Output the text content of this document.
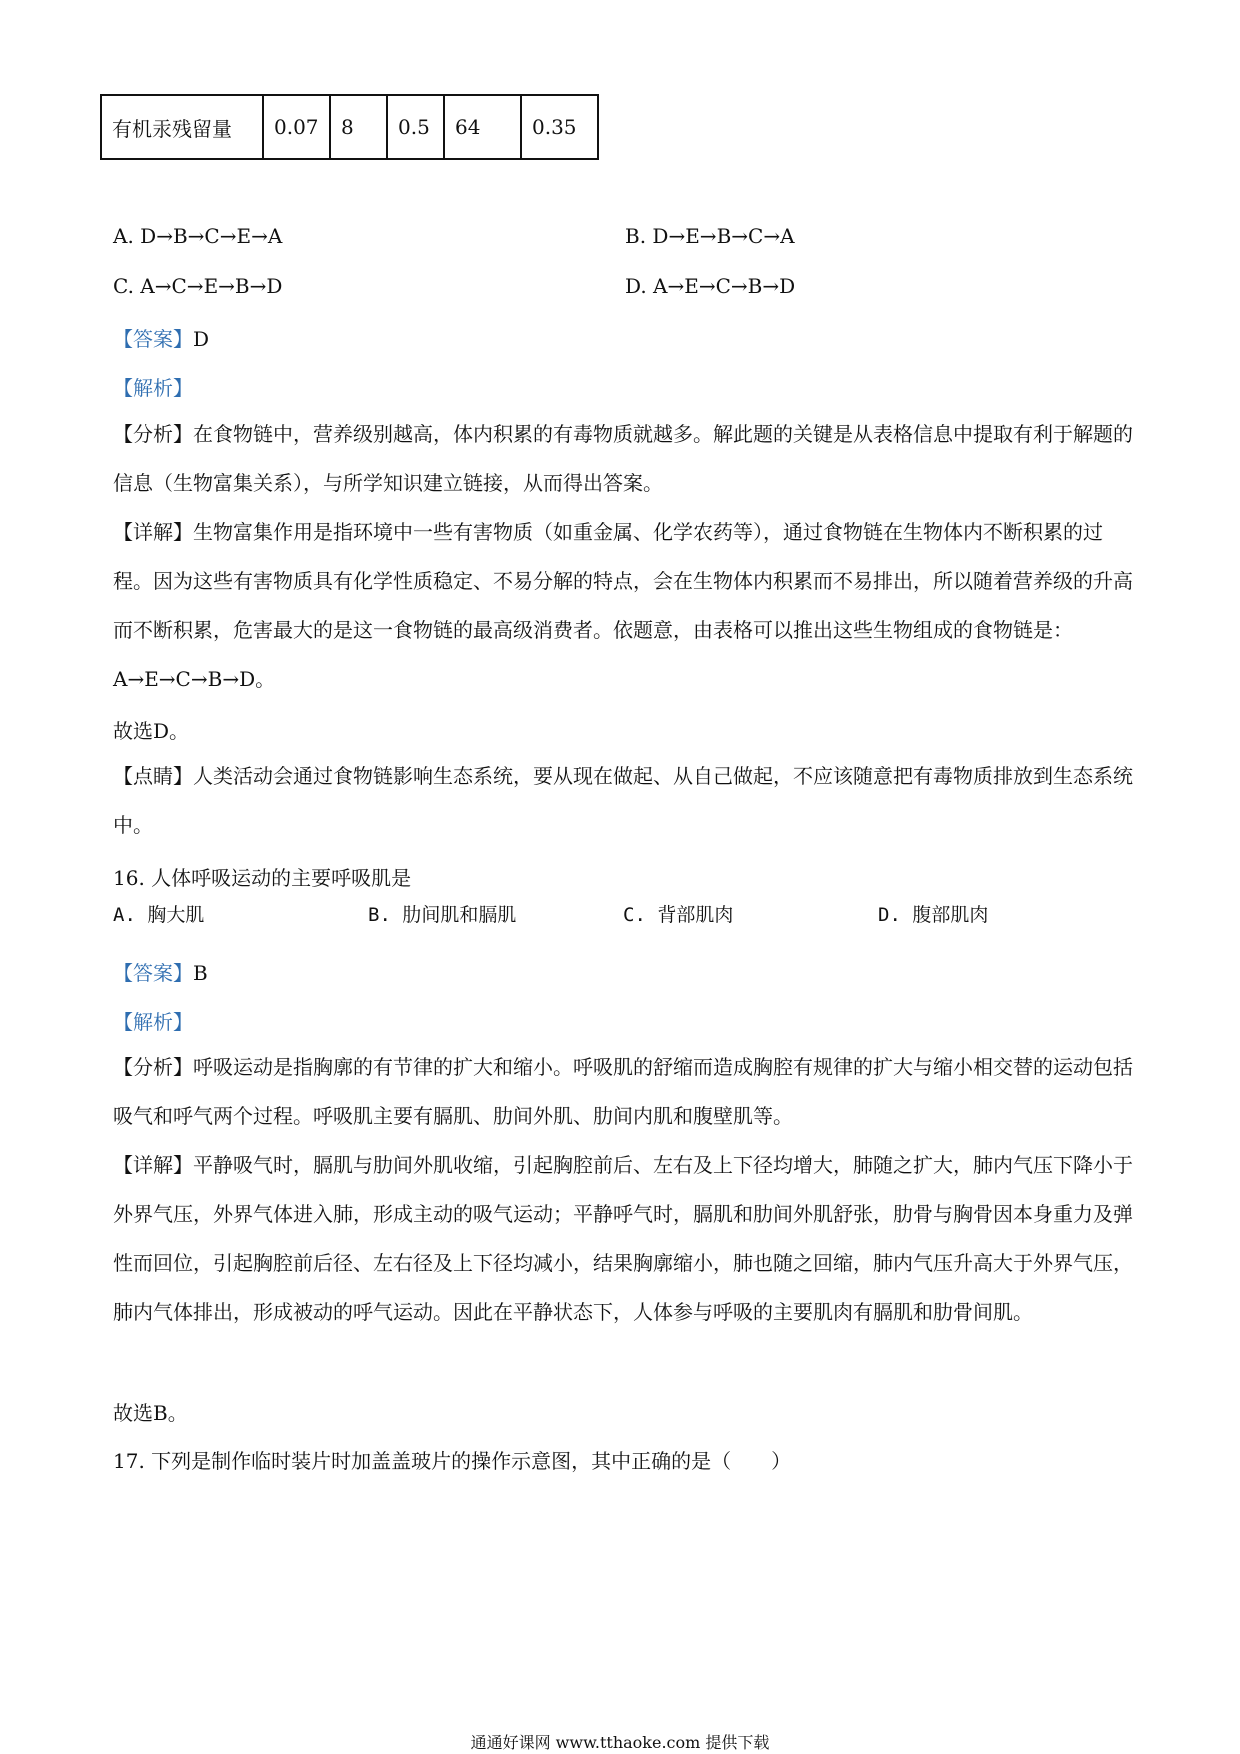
有机汞残留量	0.07	8	0.5	64	0.35
A. D→B→C→E→A	B. D→E→B→C→A
C. A→C→E→B→D	D. A→E→C→B→D
【答案】D
【解析】
【分析】在食物链中，营养级别越高，体内积累的有毒物质就越多。解此题的关键是从表格信息中提取有利于解题的信息（生物富集关系），与所学知识建立链接，从而得出答案。
【详解】生物富集作用是指环境中一些有害物质（如重金属、化学农药等），通过食物链在生物体内不断积累的过程。因为这些有害物质具有化学性质稳定、不易分解的特点，会在生物体内积累而不易排出，所以随着营养级的升高而不断积累，危害最大的是这一食物链的最高级消费者。依题意，由表格可以推出这些生物组成的食物链是：A→E→C→B→D。
故选D。
【点睛】人类活动会通过食物链影响生态系统，要从现在做起、从自己做起，不应该随意把有毒物质排放到生态系统中。
16. 人体呼吸运动的主要呼吸肌是
A. 胸大肌	B. 肋间肌和膈肌	C. 背部肌肉	D. 腹部肌肉
【答案】B
【解析】
【分析】呼吸运动是指胸廓的有节律的扩大和缩小。呼吸肌的舒缩而造成胸腔有规律的扩大与缩小相交替的运动包括吸气和呼气两个过程。呼吸肌主要有膈肌、肋间外肌、肋间内肌和腹壁肌等。
【详解】平静吸气时，膈肌与肋间外肌收缩，引起胸腔前后、左右及上下径均增大，肺随之扩大，肺内气压下降小于外界气压，外界气体进入肺，形成主动的吸气运动；平静呼气时，膈肌和肋间外肌舒张，肋骨与胸骨因本身重力及弹性而回位，引起胸腔前后径、左右径及上下径均减小，结果胸廓缩小，肺也随之回缩，肺内气压升高大于外界气压，肺内气体排出，形成被动的呼气运动。因此在平静状态下，人体参与呼吸的主要肌肉有膈肌和肋骨间肌。
故选B。
17. 下列是制作临时装片时加盖盖玻片的操作示意图，其中正确的是（　　）
通通好课网 www.tthaoke.com 提供下载
